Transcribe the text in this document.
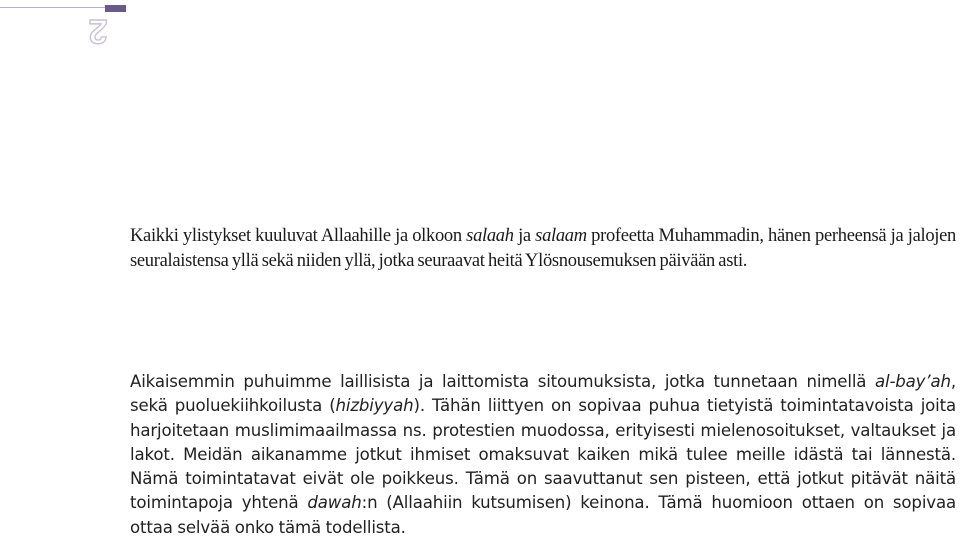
2

Kaikki ylistykset kuuluvat Allaahille ja olkoon salaah ja salaam profeetta Muhammadin, hänen perheensä ja jalojen seuralaistensa yllä sekä niiden yllä, jotka seuraavat heitä Ylösnousemuksen päivään asti.

Aikaisemmin puhuimme laillisista ja laittomista sitoumuksista, jotka tunnetaan nimellä al-bay’ah, sekä puoluekiihkoilusta (hizbiyyah). Tähän liittyen on sopivaa puhua tietyistä toimintatavoista joita harjoitetaan muslimimaailmassa ns. protestien muodossa, erityisesti mielenosoitukset, valtaukset ja lakot. Meidän aikanamme jotkut ihmiset omaksuvat kaiken mikä tulee meille idästä tai lännestä. Nämä toimintatavat eivät ole poikkeus. Tämä on saavuttanut sen pisteen, että jotkut pitävät näitä toimintapoja yhtenä dawah:n (Allaahiin kutsumisen) keinona. Tämä huomioon ottaen on sopivaa ottaa selvää onko tämä todellista.
